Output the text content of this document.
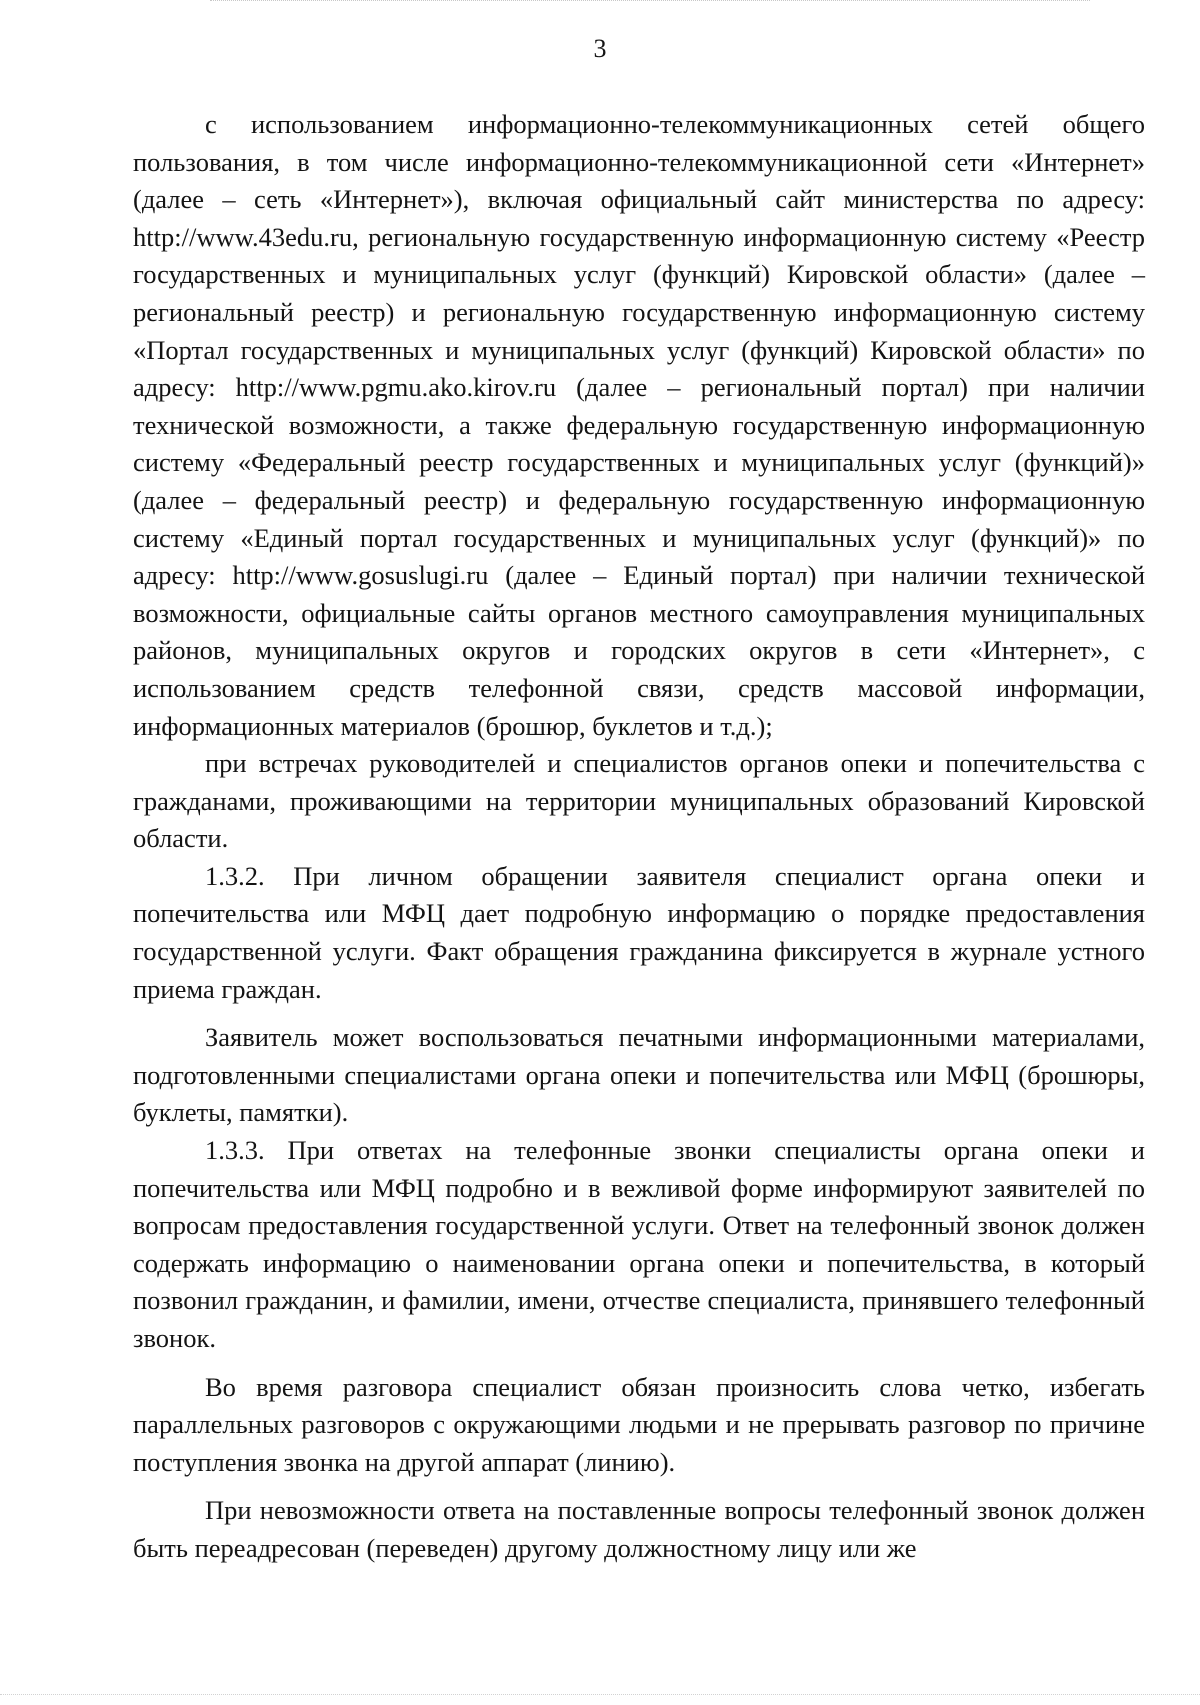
3

с использованием информационно-телекоммуникационных сетей общего пользования, в том числе информационно-телекоммуникационной сети «Интернет» (далее – сеть «Интернет»), включая официальный сайт министерства по адресу: http://www.43edu.ru, региональную государственную информационную систему «Реестр государственных и муниципальных услуг (функций) Кировской области» (далее – региональный реестр) и региональную государственную информационную систему «Портал государственных и муниципальных услуг (функций) Кировской области» по адресу: http://www.pgmu.ako.kirov.ru (далее – региональный портал) при наличии технической возможности, а также федеральную государственную информационную систему «Федеральный реестр государственных и муниципальных услуг (функций)» (далее – федеральный реестр) и федеральную государственную информационную систему «Единый портал государственных и муниципальных услуг (функций)» по адресу: http://www.gosuslugi.ru (далее – Единый портал) при наличии технической возможности, официальные сайты органов местного самоуправления муниципальных районов, муниципальных округов и городских округов в сети «Интернет», с использованием средств телефонной связи, средств массовой информации, информационных материалов (брошюр, буклетов и т.д.);

при встречах руководителей и специалистов органов опеки и попечительства с гражданами, проживающими на территории муниципальных образований Кировской области.

1.3.2. При личном обращении заявителя специалист органа опеки и попечительства или МФЦ дает подробную информацию о порядке предоставления государственной услуги. Факт обращения гражданина фиксируется в журнале устного приема граждан.

Заявитель может воспользоваться печатными информационными материалами, подготовленными специалистами органа опеки и попечительства или МФЦ (брошюры, буклеты, памятки).

1.3.3. При ответах на телефонные звонки специалисты органа опеки и попечительства или МФЦ подробно и в вежливой форме информируют заявителей по вопросам предоставления государственной услуги. Ответ на телефонный звонок должен содержать информацию о наименовании органа опеки и попечительства, в который позвонил гражданин, и фамилии, имени, отчестве специалиста, принявшего телефонный звонок.

Во время разговора специалист обязан произносить слова четко, избегать параллельных разговоров с окружающими людьми и не прерывать разговор по причине поступления звонка на другой аппарат (линию).

При невозможности ответа на поставленные вопросы телефонный звонок должен быть переадресован (переведен) другому должностному лицу или же
